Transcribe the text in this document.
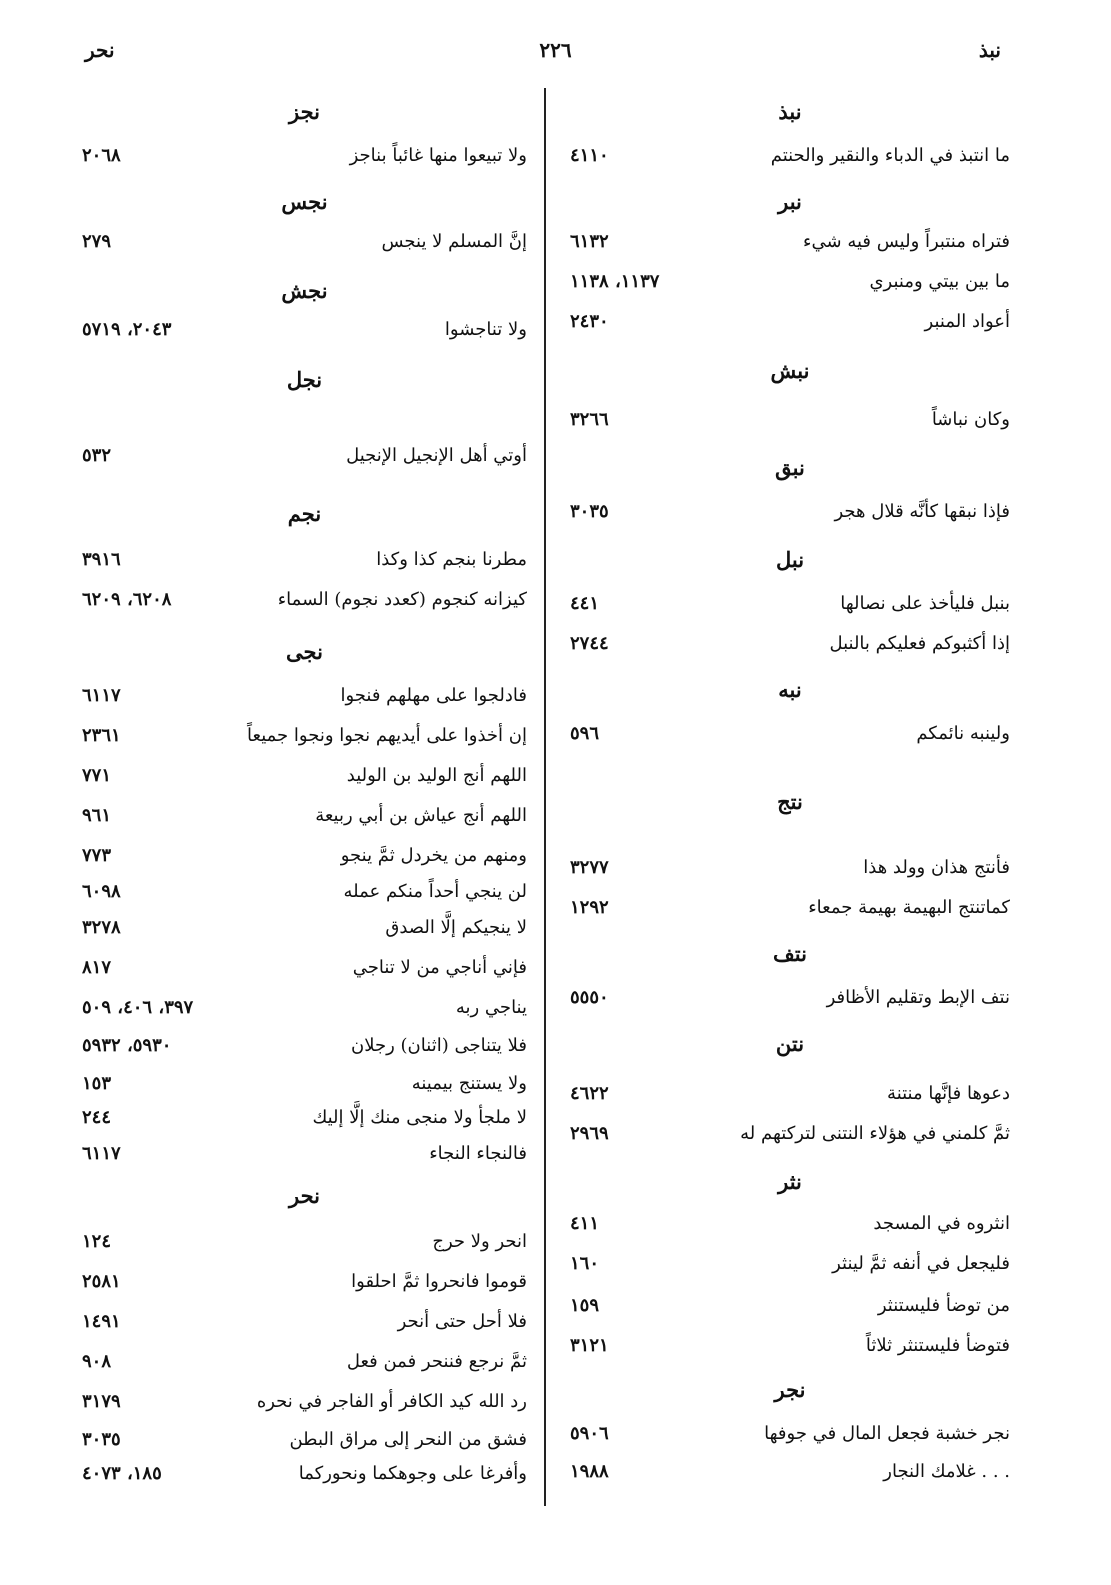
نبذ
٢٢٦
نحر
نبذ
ما انتبذ في الدباء والنقير والحنتم
٤١١٠
نبر
فتراه منتبراً وليس فيه شيء
٦١٣٢
ما بين بيتي ومنبري
١١٣٧، ١١٣٨
أعواد المنبر
٢٤٣٠
نبش
وكان نباشاً
٣٢٦٦
نبق
فإذا نبقها كأنَّه قلال هجر
٣٠٣٥
نبل
بنبل فليأخذ على نصالها
٤٤١
إذا أكثبوكم فعليكم بالنبل
٢٧٤٤
نبه
ولينبه نائمكم
٥٩٦
نتج
فأنتج هذان وولد هذا
٣٢٧٧
كماتنتج البهيمة بهيمة جمعاء
١٢٩٢
نتف
نتف الإبط وتقليم الأظافر
٥٥٥٠
نتن
دعوها فإنَّها منتنة
٤٦٢٢
ثمَّ كلمني في هؤلاء النتنى لتركتهم له
٢٩٦٩
نثر
انثروه في المسجد
٤١١
فليجعل في أنفه ثمَّ لينثر
١٦٠
من توضأ فليستنثر
١٥٩
فتوضأ فليستنثر ثلاثاً
٣١٢١
نجر
نجر خشبة فجعل المال في جوفها
٥٩٠٦
. . . غلامك النجار
١٩٨٨
نجز
ولا تبيعوا منها غائباً بناجز
٢٠٦٨
نجس
إنَّ المسلم لا ينجس
٢٧٩
نجش
ولا تناجشوا
٢٠٤٣، ٥٧١٩
نجل
أوتي أهل الإنجيل الإنجيل
٥٣٢
نجم
مطرنا بنجم كذا وكذا
٣٩١٦
كيزانه كنجوم (كعدد نجوم) السماء
٦٢٠٨، ٦٢٠٩
نجى
فادلجوا على مهلهم فنجوا
٦١١٧
إن أخذوا على أيديهم نجوا ونجوا جميعاً
٢٣٦١
اللهم أنج الوليد بن الوليد
٧٧١
اللهم أنج عياش بن أبي ربيعة
٩٦١
ومنهم من يخردل ثمَّ ينجو
٧٧٣
لن ينجي أحداً منكم عمله
٦٠٩٨
لا ينجيكم إلَّا الصدق
٣٢٧٨
فإني أناجي من لا تناجي
٨١٧
يناجي ربه
٣٩٧، ٤٠٦، ٥٠٩
فلا يتناجى (اثنان) رجلان
٥٩٣٠، ٥٩٣٢
ولا يستنج بيمينه
١٥٣
لا ملجأ ولا منجى منك إلَّا إليك
٢٤٤
فالنجاء النجاء
٦١١٧
نحر
انحر ولا حرج
١٢٤
قوموا فانحروا ثمَّ احلقوا
٢٥٨١
فلا أحل حتى أنحر
١٤٩١
ثمَّ نرجع فننحر فمن فعل
٩٠٨
رد الله كيد الكافر أو الفاجر في نحره
٣١٧٩
فشق من النحر إلى مراق البطن
٣٠٣٥
وأفرغا على وجوهكما ونحوركما
١٨٥، ٤٠٧٣
